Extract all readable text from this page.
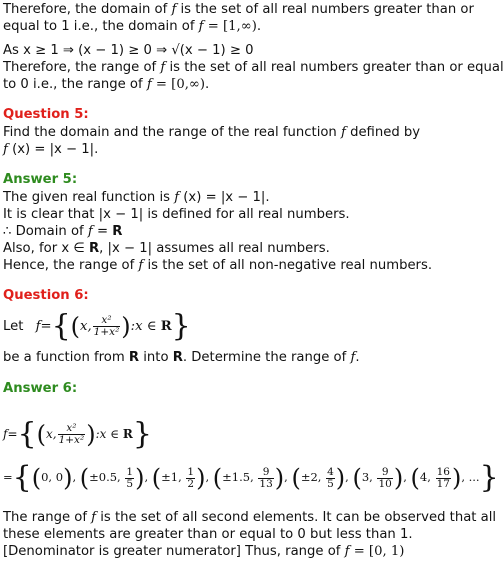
Therefore, the domain of f is the set of all real numbers greater than or
equal to 1 i.e., the domain of f = [1,∞).
As x ≥ 1 ⇒ (x − 1) ≥ 0 ⇒ √(x − 1) ≥ 0
Therefore, the range of f is the set of all real numbers greater than or equal
to 0 i.e., the range of f = [0,∞).
Question 5:
Find the domain and the range of the real function f defined by
f (x) = |x − 1|.
Answer 5:
The given real function is f (x) = |x − 1|.
It is clear that |x − 1| is defined for all real numbers.
∴ Domain of f = R
Also, for x ∈ R, |x − 1| assumes all real numbers.
Hence, the range of f is the set of all non-negative real numbers.
Question 6:
Let f={(x, $\frac{\text{x²}}{\text{1+x²}}$ ):x ∈ R}
be a function from R into R. Determine the range of f.
Answer 6:
f={(x, $\frac{\text{x²}}{\text{1+x²}}$ ):x ∈ R}
={(0, 0), (±0.5, $\frac{1}{5}$ ), (±1, $\frac{1}{2}$ ), (±1.5, $\frac{9}{13}$ ), (±2, $\frac{4}{5}$ ), (3, $\frac{9}{10}$ ), (4, $\frac{16}{17}$ ), ...}
The range of f is the set of all second elements. It can be observed that all
these elements are greater than or equal to 0 but less than 1.
[Denominator is greater numerator] Thus, range of f = [0, 1)
